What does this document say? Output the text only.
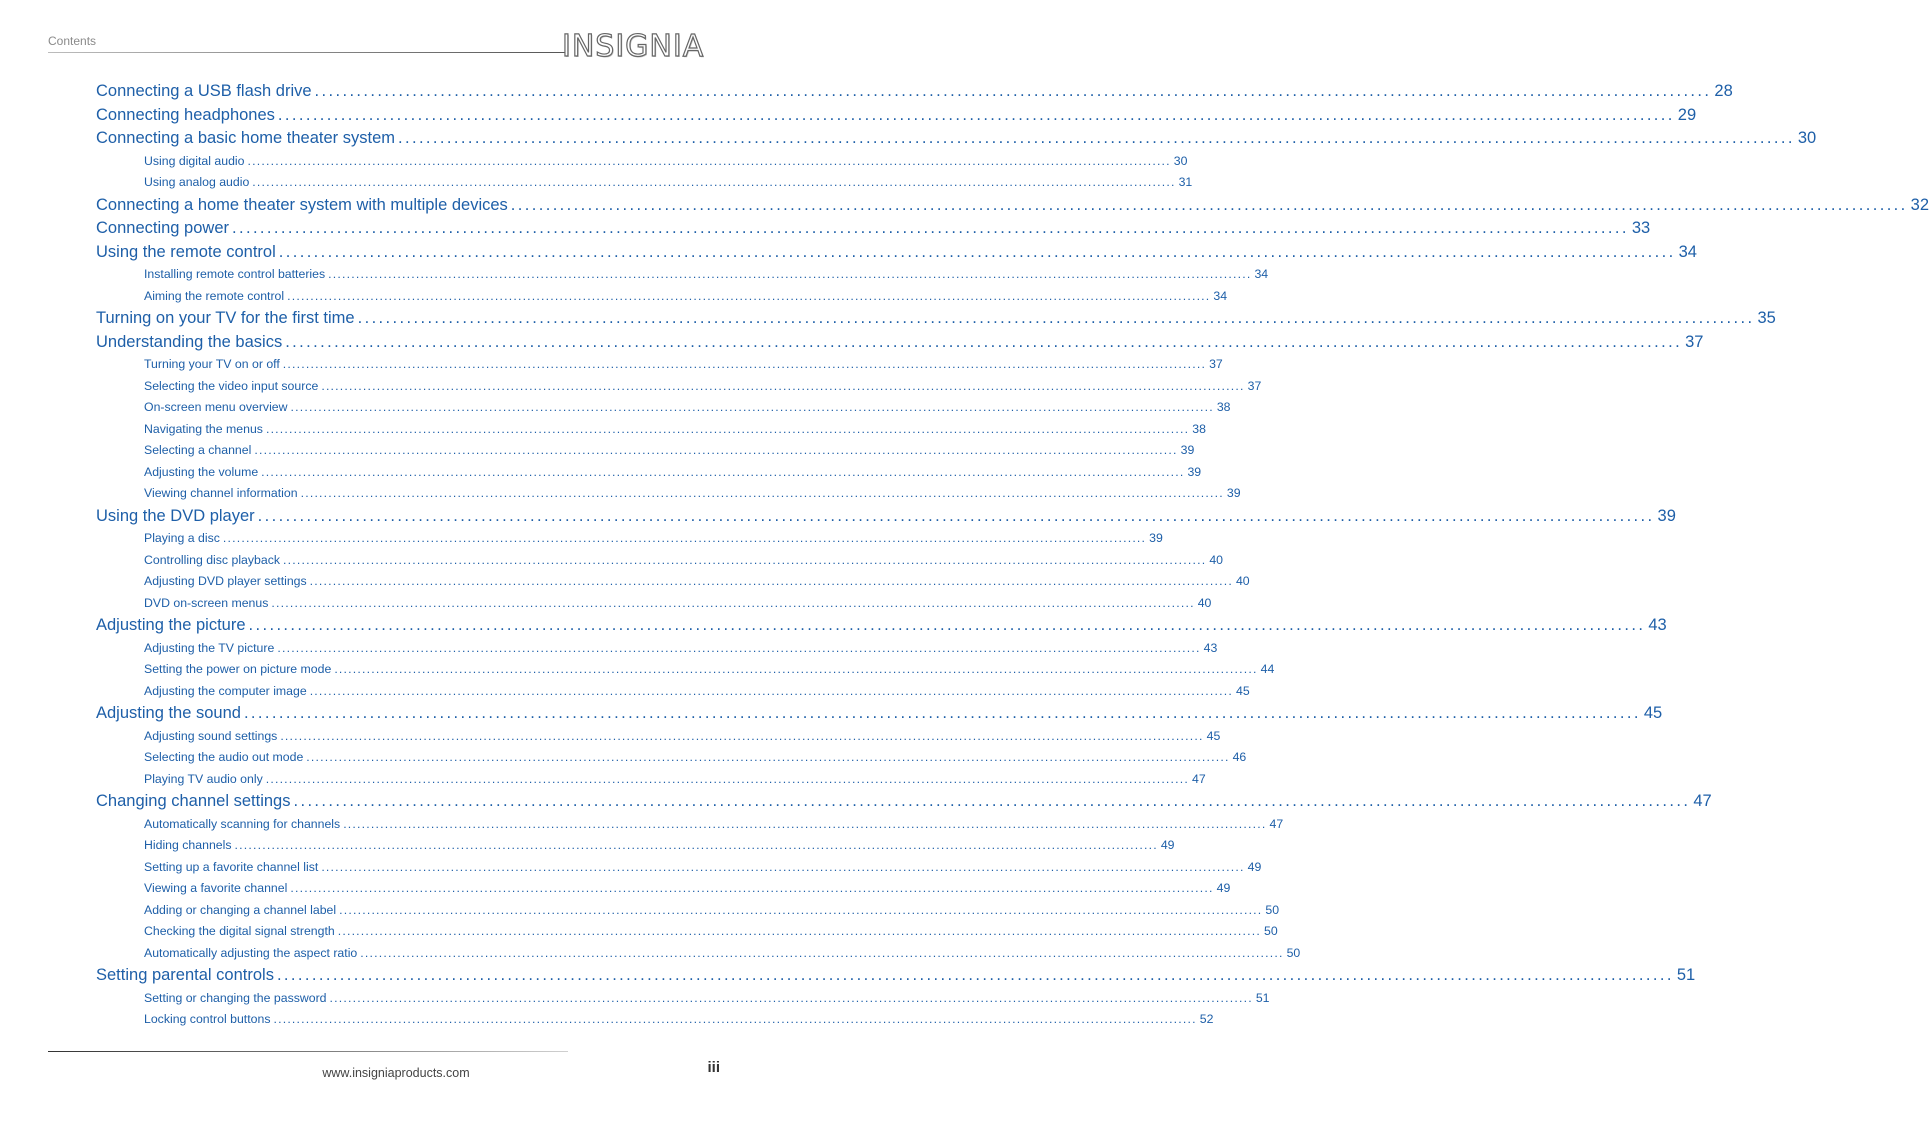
Contents	INSIGNIA
Connecting a USB flash drive ........................................................................................................................................................................................................ 28
Connecting headphones ........................................................................................................................................................................................................ 29
Connecting a basic home theater system ........................................................................................................................................................................................................ 30
Using digital audio ........................................................................................................................................................................................................ 30
Using analog audio ........................................................................................................................................................................................................ 31
Connecting a home theater system with multiple devices ........................................................................................................................................................................................................ 32
Connecting power ........................................................................................................................................................................................................ 33
Using the remote control ........................................................................................................................................................................................................ 34
Installing remote control batteries ........................................................................................................................................................................................................ 34
Aiming the remote control ........................................................................................................................................................................................................ 34
Turning on your TV for the first time ........................................................................................................................................................................................................ 35
Understanding the basics ........................................................................................................................................................................................................ 37
Turning your TV on or off ........................................................................................................................................................................................................ 37
Selecting the video input source ........................................................................................................................................................................................................ 37
On-screen menu overview ........................................................................................................................................................................................................ 38
Navigating the menus ........................................................................................................................................................................................................ 38
Selecting a channel ........................................................................................................................................................................................................ 39
Adjusting the volume ........................................................................................................................................................................................................ 39
Viewing channel information ........................................................................................................................................................................................................ 39
Using the DVD player ........................................................................................................................................................................................................ 39
Playing a disc ........................................................................................................................................................................................................ 39
Controlling disc playback ........................................................................................................................................................................................................ 40
Adjusting DVD player settings ........................................................................................................................................................................................................ 40
DVD on-screen menus ........................................................................................................................................................................................................ 40
Adjusting the picture ........................................................................................................................................................................................................ 43
Adjusting the TV picture ........................................................................................................................................................................................................ 43
Setting the power on picture mode ........................................................................................................................................................................................................ 44
Adjusting the computer image ........................................................................................................................................................................................................ 45
Adjusting the sound ........................................................................................................................................................................................................ 45
Adjusting sound settings ........................................................................................................................................................................................................ 45
Selecting the audio out mode ........................................................................................................................................................................................................ 46
Playing TV audio only ........................................................................................................................................................................................................ 47
Changing channel settings ........................................................................................................................................................................................................ 47
Automatically scanning for channels ........................................................................................................................................................................................................ 47
Hiding channels ........................................................................................................................................................................................................ 49
Setting up a favorite channel list ........................................................................................................................................................................................................ 49
Viewing a favorite channel ........................................................................................................................................................................................................ 49
Adding or changing a channel label ........................................................................................................................................................................................................ 50
Checking the digital signal strength ........................................................................................................................................................................................................ 50
Automatically adjusting the aspect ratio ........................................................................................................................................................................................................ 50
Setting parental controls ........................................................................................................................................................................................................ 51
Setting or changing the password ........................................................................................................................................................................................................ 51
Locking control buttons ........................................................................................................................................................................................................ 52
www.insigniaproducts.com	iii
